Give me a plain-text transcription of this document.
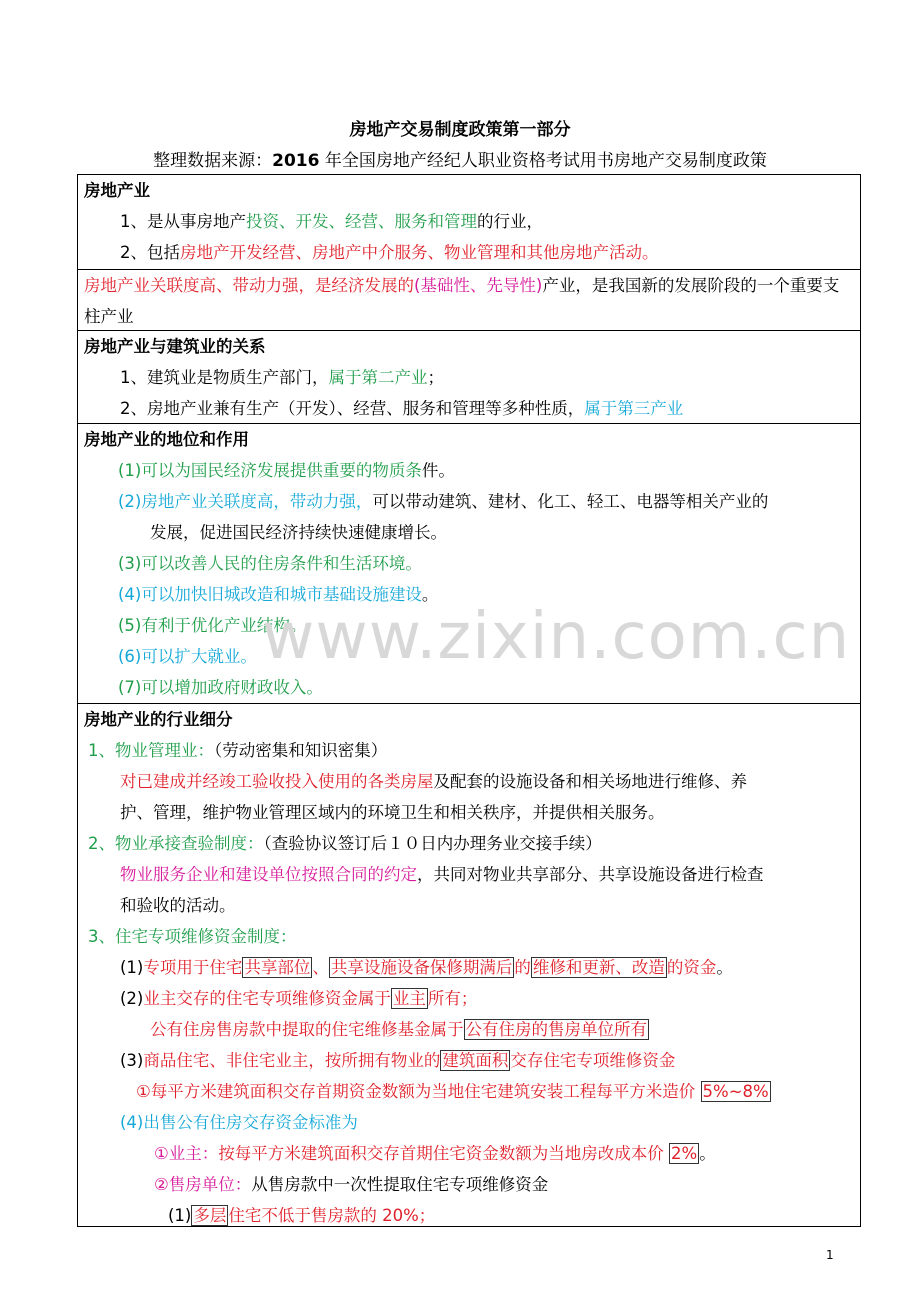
房地产交易制度政策第一部分
整理数据来源：2016 年全国房地产经纪人职业资格考试用书房地产交易制度政策
房地产业
1、是从事房地产投资、开发、经营、服务和管理的行业，
2、包括房地产开发经营、房地产中介服务、物业管理和其他房地产活动。
房地产业关联度高、带动力强，是经济发展的(基础性、先导性)产业，是我国新的发展阶段的一个重要支柱产业
房地产业与建筑业的关系
1、建筑业是物质生产部门，属于第二产业；
2、房地产业兼有生产（开发）、经营、服务和管理等多种性质，属于第三产业
房地产业的地位和作用
(1)可以为国民经济发展提供重要的物质条件。
(2)房地产业关联度高，带动力强，可以带动建筑、建材、化工、轻工、电器等相关产业的
发展，促进国民经济持续快速健康增长。
(3)可以改善人民的住房条件和生活环境。
(4)可以加快旧城改造和城市基础设施建设。
(5)有利于优化产业结构。
(6)可以扩大就业。
(7)可以增加政府财政收入。
房地产业的行业细分
1、物业管理业：（劳动密集和知识密集）
对已建成并经竣工验收投入使用的各类房屋及配套的设施设备和相关场地进行维修、养
护、管理，维护物业管理区域内的环境卫生和相关秩序，并提供相关服务。
2、物业承接查验制度：（查验协议签订后１０日内办理务业交接手续）
物业服务企业和建设单位按照合同的约定，共同对物业共享部分、共享设施设备进行检查
和验收的活动。
3、住宅专项维修资金制度：
(1)专项用于住宅 共享部位 、 共享设施设备保修期满后 的 维修和更新、改造 的资金。
(2)业主交存的住宅专项维修资金属于 业主 所有；
公有住房售房款中提取的住宅维修基金属于 公有住房的售房单位所有
(3)商品住宅、非住宅业主，按所拥有物业的 建筑面积 交存住宅专项维修资金
①每平方米建筑面积交存首期资金数额为当地住宅建筑安装工程每平方米造价 5%~8%
(4)出售公有住房交存资金标准为
①业主：按每平方米建筑面积交存首期住宅资金数额为当地房改成本价 2% 。
②售房单位：从售房款中一次性提取住宅专项维修资金
(1) 多层 住宅不低于售房款的 20%；
www.zixin.com.cn
1
